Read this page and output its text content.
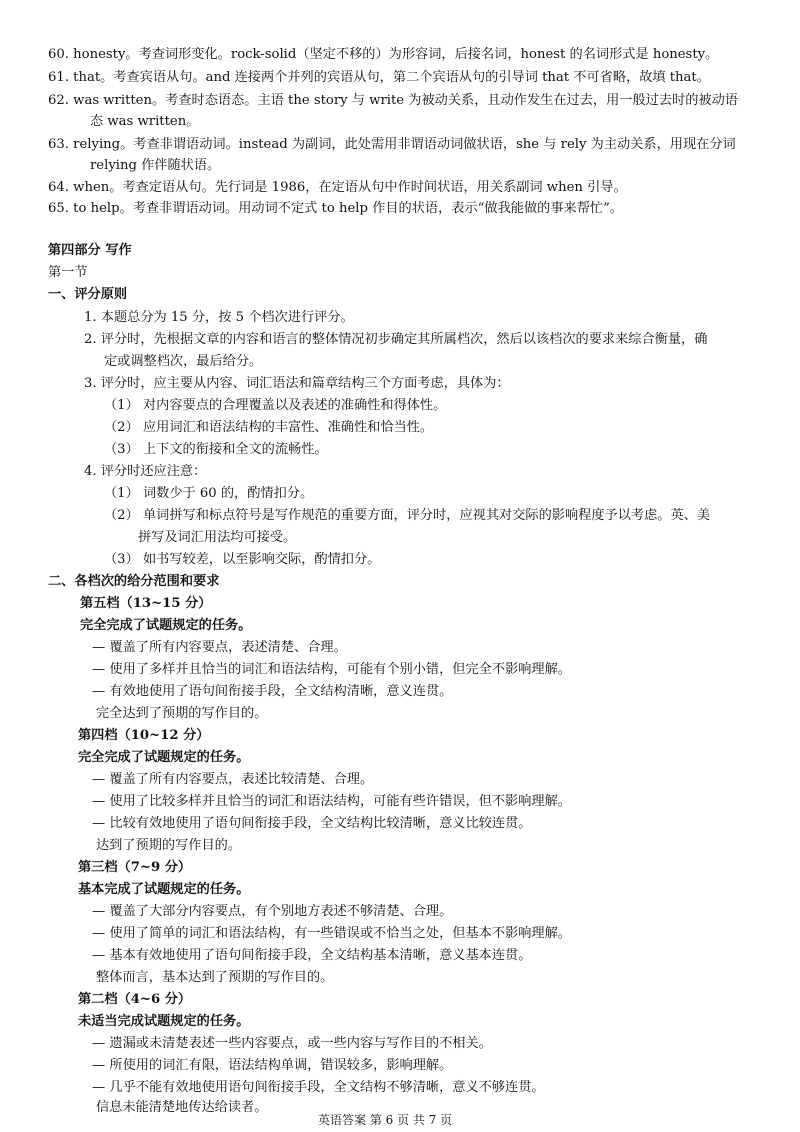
60. honesty。考查词形变化。rock-solid（坚定不移的）为形容词，后接名词，honest 的名词形式是 honesty。
61. that。考查宾语从句。and 连接两个并列的宾语从句，第二个宾语从句的引导词 that 不可省略，故填 that。
62. was written。考查时态语态。主语 the story 与 write 为被动关系，且动作发生在过去，用一般过去时的被动语
态 was written。
63. relying。考查非谓语动词。instead 为副词，此处需用非谓语动词做状语，she 与 rely 为主动关系，用现在分词
relying 作伴随状语。
64. when。考查定语从句。先行词是 1986，在定语从句中作时间状语，用关系副词 when 引导。
65. to help。考查非谓语动词。用动词不定式 to help 作目的状语，表示“做我能做的事来帮忙”。
第四部分 写作
第一节
一、评分原则
1. 本题总分为 15 分，按 5 个档次进行评分。
2. 评分时，先根据文章的内容和语言的整体情况初步确定其所属档次，然后以该档次的要求来综合衡量，确
定或调整档次，最后给分。
3. 评分时，应主要从内容、词汇语法和篇章结构三个方面考虑，具体为：
（1） 对内容要点的合理覆盖以及表述的准确性和得体性。
（2） 应用词汇和语法结构的丰富性、准确性和恰当性。
（3） 上下文的衔接和全文的流畅性。
4. 评分时还应注意：
（1） 词数少于 60 的，酌情扣分。
（2） 单词拼写和标点符号是写作规范的重要方面，评分时，应视其对交际的影响程度予以考虑。英、美
拼写及词汇用法均可接受。
（3） 如书写较差，以至影响交际，酌情扣分。
二、各档次的给分范围和要求
第五档（13~15 分）
完全完成了试题规定的任务。
— 覆盖了所有内容要点，表述清楚、合理。
— 使用了多样并且恰当的词汇和语法结构，可能有个别小错，但完全不影响理解。
— 有效地使用了语句间衔接手段，全文结构清晰，意义连贯。
完全达到了预期的写作目的。
第四档（10~12 分）
完全完成了试题规定的任务。
— 覆盖了所有内容要点，表述比较清楚、合理。
— 使用了比较多样并且恰当的词汇和语法结构，可能有些许错误，但不影响理解。
— 比较有效地使用了语句间衔接手段，全文结构比较清晰，意义比较连贯。
达到了预期的写作目的。
第三档（7~9 分）
基本完成了试题规定的任务。
— 覆盖了大部分内容要点，有个别地方表述不够清楚、合理。
— 使用了简单的词汇和语法结构，有一些错误或不恰当之处，但基本不影响理解。
— 基本有效地使用了语句间衔接手段，全文结构基本清晰，意义基本连贯。
整体而言，基本达到了预期的写作目的。
第二档（4~6 分）
未适当完成试题规定的任务。
— 遗漏或未清楚表述一些内容要点，或一些内容与写作目的不相关。
— 所使用的词汇有限，语法结构单调，错误较多，影响理解。
— 几乎不能有效地使用语句间衔接手段，全文结构不够清晰，意义不够连贯。
信息未能清楚地传达给读者。
英语答案 第 6 页 共 7 页
